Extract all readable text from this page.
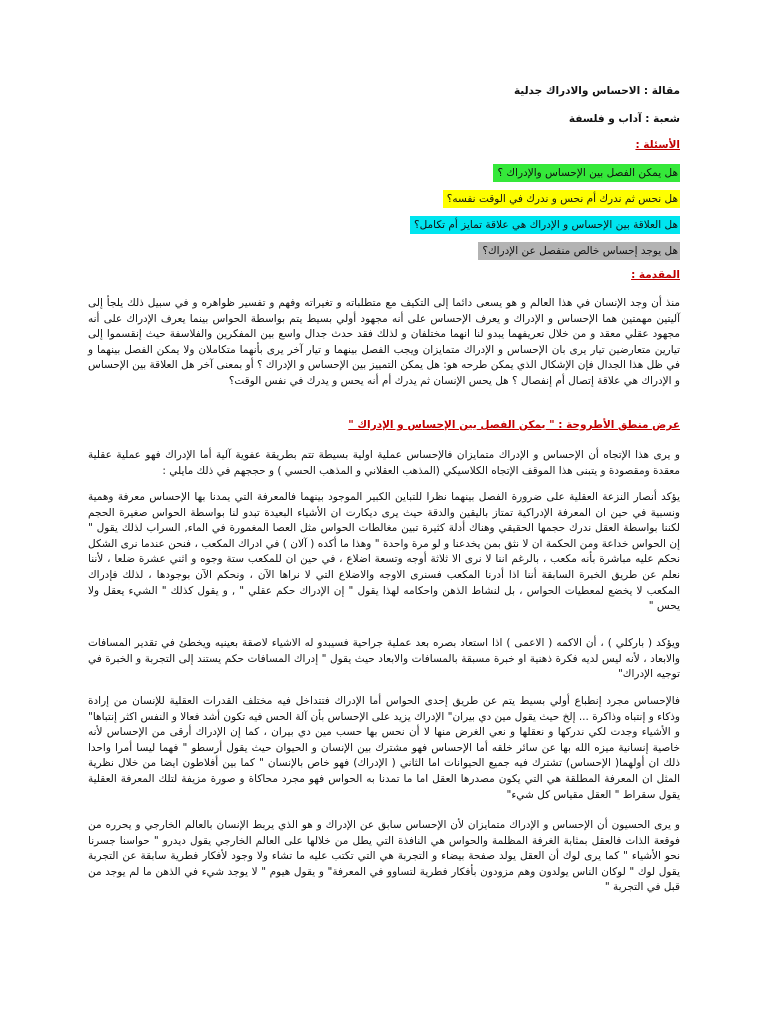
مقالة : الاحساس والادراك جدلية
شعبة : آداب و فلسفة
الأسئلة :
هل يمكن الفصل بين الإحساس والإدراك ؟
هل نحس ثم ندرك أم نحس و ندرك في الوقت نفسه؟
هل العلاقة بين الإحساس و الإدراك هي علاقة تمايز أم تكامل؟
هل يوجد إحساس خالص منفصل عن الإدراك؟
المقدمة :

منذ أن وجد الإنسان في هذا العالم و هو يسعى دائما إلى التكيف مع متطلباته و تغيراته وفهم و تفسير ظواهره و في سبيل ذلك يلجأ إلى آليتين مهمتين هما الإحساس و الإدراك و يعرف الإحساس على أنه مجهود أولي بسيط يتم بواسطة الحواس بينما يعرف الإدراك على أنه مجهود عقلي معقد و من خلال تعريفهما يبدو لنا انهما مختلفان و لذلك فقد حدث جدال واسع بين المفكرين والفلاسفة حيث إنقسموا إلى تيارين متعارضين تيار يرى بان الإحساس و الإدراك متمايزان ويجب الفصل بينهما و تيار آخر يرى بأنهما متكاملان ولا يمكن الفصل بينهما و في ظل هذا الجدال فإن الإشكال الذي يمكن طرحه هو: هل يمكن التمييز بين الإحساس و الإدراك ؟ أو بمعنى آخر هل العلاقة بين الإحساس و الإدراك هي علاقة إتصال أم إنفصال ؟ هل يحس الإنسان ثم يدرك أم أنه يحس و يدرك في نفس الوقت؟

عرض منطق الأطروحة : " يمكن الفصل بين الإحساس و الإدراك "

و يرى هذا الإتجاه أن الإحساس و الإدراك متمايزان فالإحساس عملية اولية بسيطة تتم بطريقة عفوية آلية أما الإدراك فهو عملية عقلية معقدة ومقصودة و يتبنى هذا الموقف الإتجاه الكلاسيكي (المذهب العقلاني و المذهب الحسي ) و حججهم في ذلك مايلي :

يؤكد أنصار النزعة العقلية على ضرورة الفصل بينهما نظرا للتباين الكبير الموجود بينهما فالمعرفة التي يمدنا بها الإحساس معرفة وهمية ونسبية في حين ان المعرفة الإدراكية تمتاز باليقين والدقة حيث يرى ديكارت ان الأشياء البعيدة تبدو لنا بواسطة الحواس صغيرة الحجم لكننا بواسطة العقل ندرك حجمها الحقيقي وهناك أدلة كثيرة تبين مغالطات الحواس مثل العصا المغمورة في الماء, السراب لذلك يقول " إن الحواس خداعة ومن الحكمة ان لا نثق بمن يخدعنا و لو مرة واحدة " وهذا ما أكده ( آلان ) في ادراك المكعب ، فنحن عندما نرى الشكل نحكم عليه مباشرة بأنه مكعب ، بالرغم اننا لا نرى الا ثلاثة أوجه وتسعة اضلاع ، في حين ان للمكعب ستة وجوه و اثني عشرة ضلعا ، لأننا نعلم عن طريق الخبرة السابقة أننا اذا أدرنا المكعب فسنرى الاوجه والاضلاع التي لا نراها الآن ، ونحكم الآن بوجودها ، لذلك فإدراك المكعب لا يخضع لمعطيات الحواس ، بل لنشاط الذهن واحكامه لهذا يقول " إن الإدراك حكم عقلي " , و يقول كذلك " الشيء يعقل ولا يحس "

ويؤكد ( باركلي ) ، أن الاكمه ( الاعمى ) اذا استعاد بصره بعد عملية جراحية فسيبدو له الاشياء لاصقة بعينيه ويخطئ في تقدير المسافات والابعاد ، لأنه ليس لديه فكرة ذهنية او خبرة مسبقة بالمسافات والابعاد حيث يقول " إدراك المسافات حكم يستند إلى التجربة و الخبرة في توجيه الإدراك"

فالإحساس مجرد إنطباع أولي بسيط يتم عن طريق إحدى الحواس أما الإدراك فتتداخل فيه مختلف القدرات العقلية للإنسان من إرادة وذكاء و إنتباه وذاكرة ... إلخ حيث يقول مين دي بيران" الإدراك يزيد على الإحساس بأن آلة الحس فيه تكون أشد فعالا و النفس اكثر إنتباها" و الأشياء وجدت لكي ندركها و نعقلها و نعي الغرض منها لا أن نحس بها حسب مين دي بيران ، كما إن الإدراك أرقى من الإحساس لأنه خاصية إنسانية ميزه الله بها عن سائر خلقه أما الإحساس فهو مشترك بين الإنسان و الحيوان حيث يقول أرسطو " فهما ليسا أمرا واحدا ذلك ان أولهما( الإحساس) تشترك فيه جميع الحيوانات اما الثاني ( الإدراك) فهو خاص بالإنسان " كما بين أفلاطون ايضا من خلال نظرية المثل ان المعرفة المطلقة هي التي يكون مصدرها العقل اما ما تمدنا به الحواس فهو مجرد محاكاة و صورة مزيفة لتلك المعرفة العقلية يقول سقراط " العقل مقياس كل شيء"

و يرى الحسيون أن الإحساس و الإدراك متمايزان لأن الإحساس سابق عن الإدراك و هو الذي يربط الإنسان بالعالم الخارجي و يحرره من فوقعة الذات فالعقل بمثابة الغرفة المظلمة والحواس هي النافذة التي يطل من خلالها على العالم الخارجي يقول ديدرو " حواسنا جسرنا نحو الأشياء " كما يرى لوك أن العقل يولد صفحة بيضاء و التجربة هي التي تكتب عليه ما تشاء ولا وجود لأفكار فطرية سابقة عن التجربة يقول لوك " لوكان الناس يولدون وهم مزودون بأفكار فطرية لتساوو في المعرفة" و يقول هيوم " لا يوجد شيء في الذهن ما لم يوجد من قبل في التجربة "
